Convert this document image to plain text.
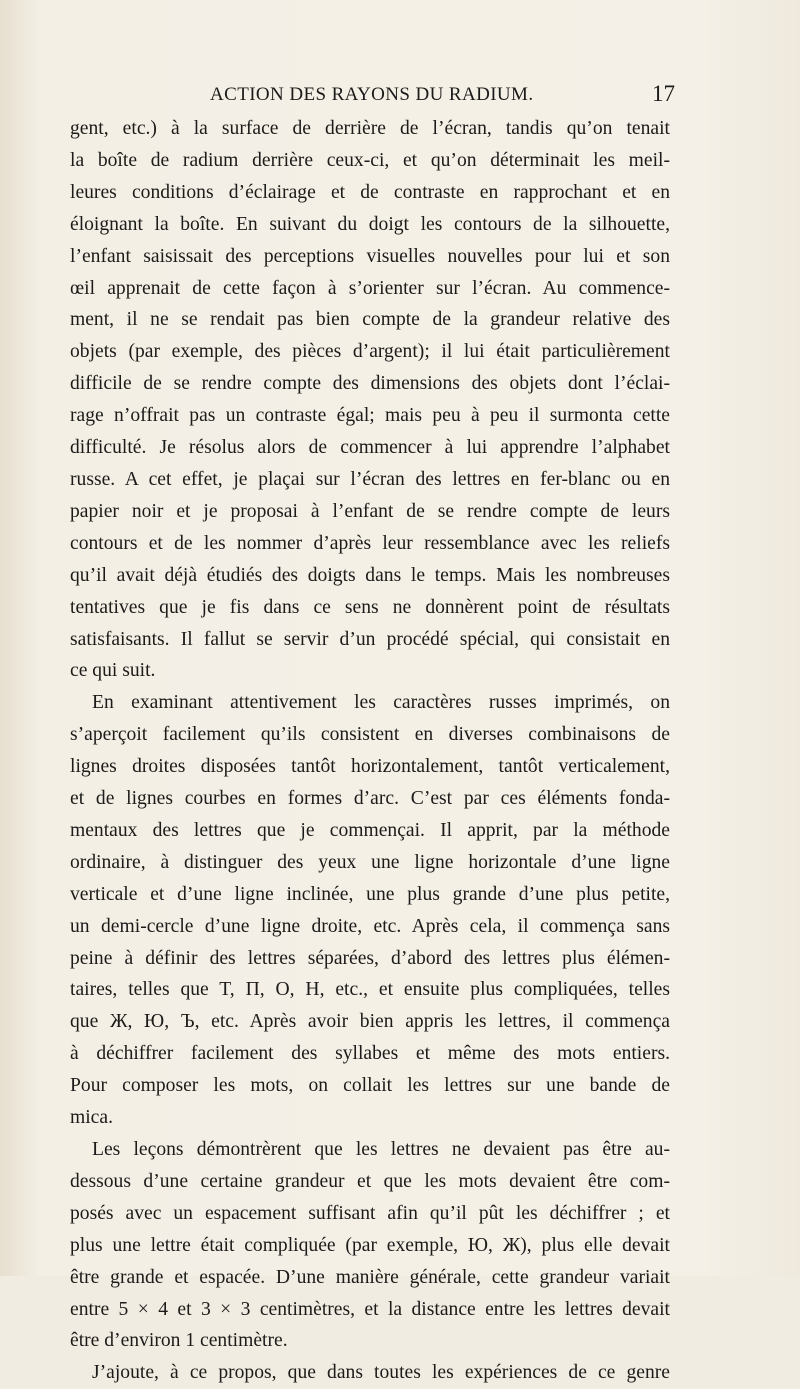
ACTION DES RAYONS DU RADIUM.	17

gent, etc.) à la surface de derrière de l’écran, tandis qu’on tenait
la boîte de radium derrière ceux-ci, et qu’on déterminait les meil-
leures conditions d’éclairage et de contraste en rapprochant et en
éloignant la boîte. En suivant du doigt les contours de la silhouette,
l’enfant saisissait des perceptions visuelles nouvelles pour lui et son
œil apprenait de cette façon à s’orienter sur l’écran. Au commence-
ment, il ne se rendait pas bien compte de la grandeur relative des
objets (par exemple, des pièces d’argent); il lui était particulièrement
difficile de se rendre compte des dimensions des objets dont l’éclai-
rage n’offrait pas un contraste égal; mais peu à peu il surmonta cette
difficulté. Je résolus alors de commencer à lui apprendre l’alphabet
russe. A cet effet, je plaçai sur l’écran des lettres en fer-blanc ou en
papier noir et je proposai à l’enfant de se rendre compte de leurs
contours et de les nommer d’après leur ressemblance avec les reliefs
qu’il avait déjà étudiés des doigts dans le temps. Mais les nombreuses
tentatives que je fis dans ce sens ne donnèrent point de résultats
satisfaisants. Il fallut se servir d’un procédé spécial, qui consistait en
ce qui suit.

En examinant attentivement les caractères russes imprimés, on
s’aperçoit facilement qu’ils consistent en diverses combinaisons de
lignes droites disposées tantôt horizontalement, tantôt verticalement,
et de lignes courbes en formes d’arc. C’est par ces éléments fonda-
mentaux des lettres que je commençai. Il apprit, par la méthode
ordinaire, à distinguer des yeux une ligne horizontale d’une ligne
verticale et d’une ligne inclinée, une plus grande d’une plus petite,
un demi-cercle d’une ligne droite, etc. Après cela, il commença sans
peine à définir des lettres séparées, d’abord des lettres plus élémen-
taires, telles que T, П, О, Н, etc., et ensuite plus compliquées, telles
que Ж, Ю, Ъ, etc. Après avoir bien appris les lettres, il commença
à déchiffrer facilement des syllabes et même des mots entiers.
Pour composer les mots, on collait les lettres sur une bande de
mica.

Les leçons démontrèrent que les lettres ne devaient pas être au-
dessous d’une certaine grandeur et que les mots devaient être com-
posés avec un espacement suffisant afin qu’il pût les déchiffrer ; et
plus une lettre était compliquée (par exemple, Ю, Ж), plus elle devait
être grande et espacée. D’une manière générale, cette grandeur variait
entre 5 × 4 et 3 × 3 centimètres, et la distance entre les lettres devait
être d’environ 1 centimètre.

J’ajoute, à ce propos, que dans toutes les expériences de ce genre
